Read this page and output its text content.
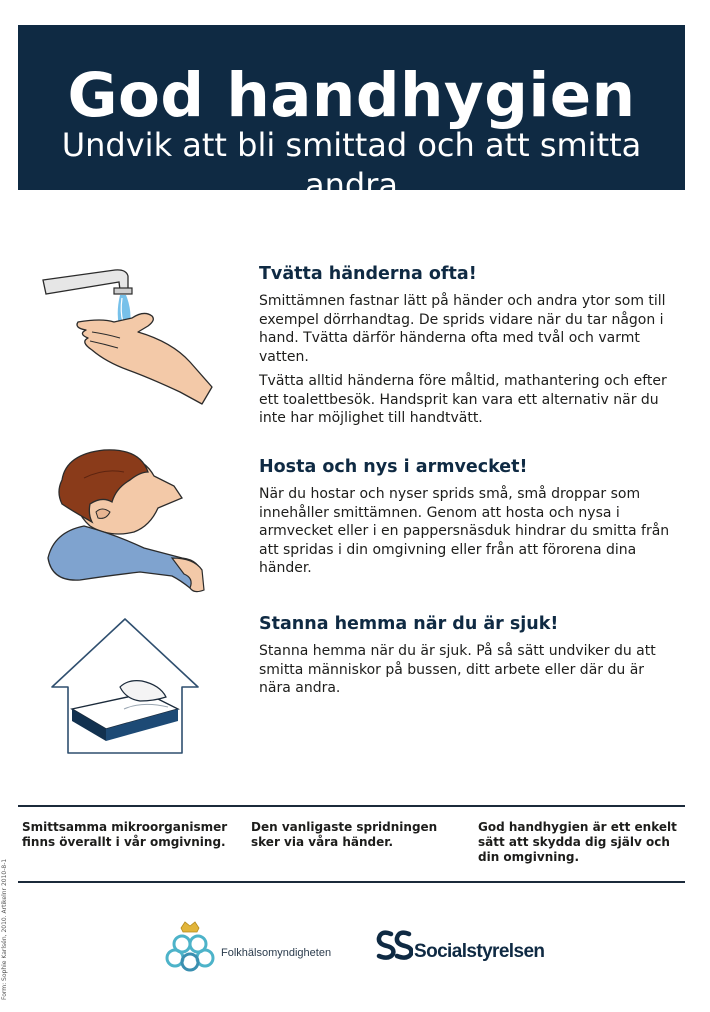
God handhygien
Undvik att bli smittad och att smitta andra
Tvätta händerna ofta!

Smittämnen fastnar lätt på händer och andra ytor som till exempel dörrhandtag. De sprids vidare när du tar någon i hand. Tvätta därför händerna ofta med tvål och varmt vatten.

Tvätta alltid händerna före måltid, mathantering och efter ett toalettbesök. Handsprit kan vara ett alternativ när du inte har möjlighet till handtvätt.

Hosta och nys i armvecket!

När du hostar och nyser sprids små, små droppar som innehåller smittämnen. Genom att hosta och nysa i armvecket eller i en pappersnäsduk hindrar du smitta från att spridas i din omgivning eller från att förorena dina händer.

Stanna hemma när du är sjuk!

Stanna hemma när du är sjuk. På så sätt undviker du att smitta människor på bussen, ditt arbete eller där du är nära andra.

Smittsamma mikroorganismer finns överallt i vår omgivning.
Den vanligaste spridningen sker via våra händer.
God handhygien är ett enkelt sätt att skydda dig själv och din omgivning.
Form: Sophie Karlsén, 2010. Artikelnr 2010-8-1	Folkhälsomyndigheten	Socialstyrelsen
